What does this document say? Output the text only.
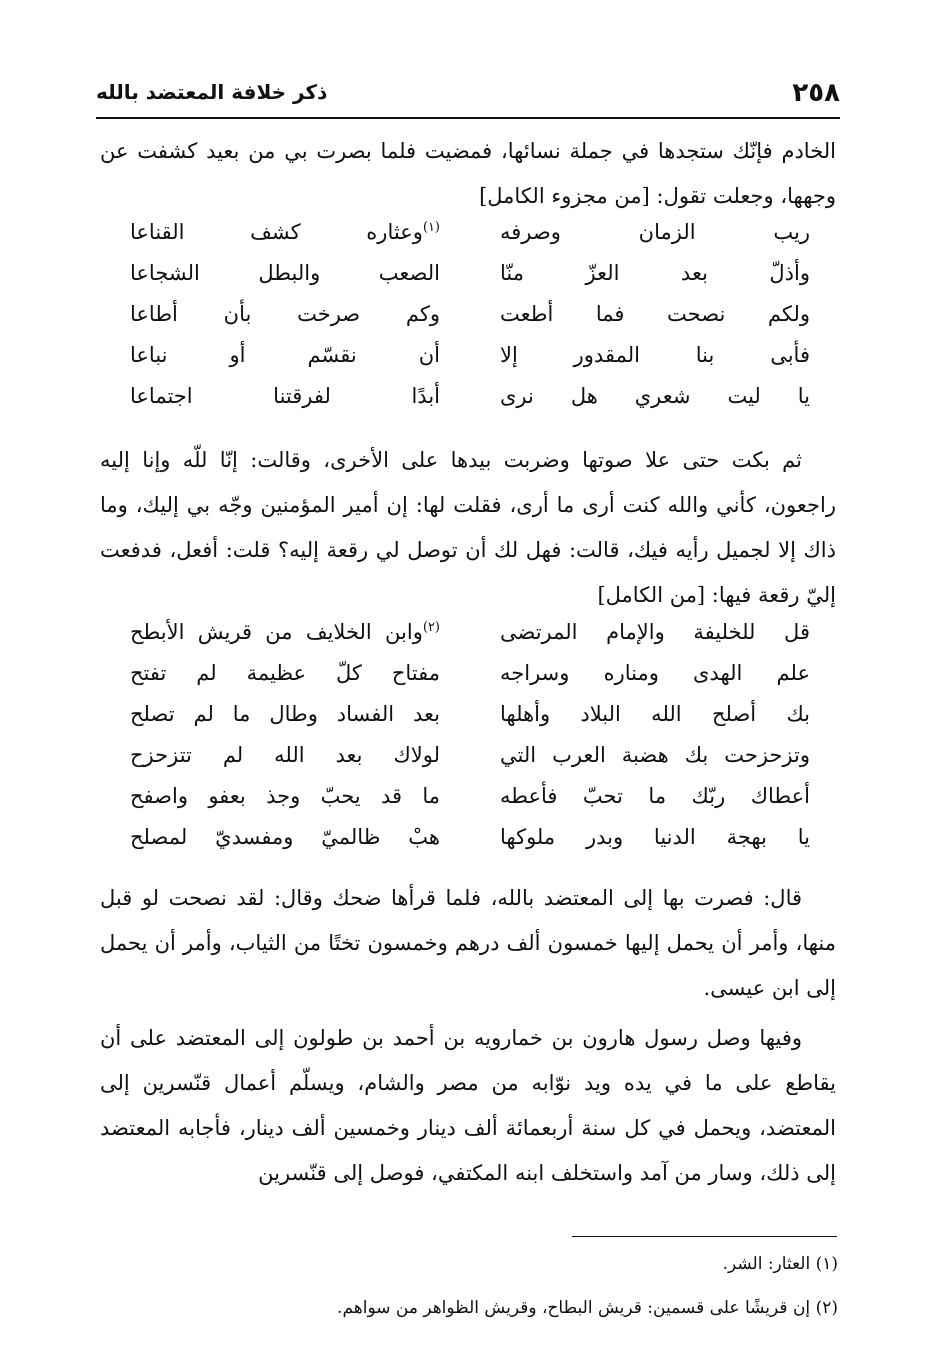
٢٥٨
ذكر خلافة المعتضد بالله

الخادم فإنّك ستجدها في جملة نسائها، فمضيت فلما بصرت بي من بعيد كشفت عن وجهها، وجعلت تقول: [من مجزوء الكامل]

ريب الزمان وصرفه
$^{(١)}$وعثاره كشف القناعا
وأذلّ بعد العزّ منّا
الصعب والبطل الشجاعا
ولكم نصحت فما أطعت
وكم صرخت بأن أطاعا
فأبى بنا المقدور إلا
أن نقسّم أو نباعا
يا ليت شعري هل نرى
أبدًا لفرقتنا اجتماعا

ثم بكت حتى علا صوتها وضربت بيدها على الأخرى، وقالت: إنّا للّه وإنا إليه راجعون، كأني والله كنت أرى ما أرى، فقلت لها: إن أمير المؤمنين وجّه بي إليك، وما ذاك إلا لجميل رأيه فيك، قالت: فهل لك أن توصل لي رقعة إليه؟ قلت: أفعل، فدفعت إليّ رقعة فيها: [من الكامل]

قل للخليفة والإمام المرتضى
$^{(٢)}$وابن الخلايف من قريش الأبطح
علم الهدى ومناره وسراجه
مفتاح كلّ عظيمة لم تفتح
بك أصلح الله البلاد وأهلها
بعد الفساد وطال ما لم تصلح
وتزحزحت بك هضبة العرب التي
لولاك بعد الله لم تتزحزح
أعطاك ربّك ما تحبّ فأعطه
ما قد يحبّ وجذ بعفو واصفح
يا بهجة الدنيا وبدر ملوكها
هبْ ظالميّ ومفسديّ لمصلح

قال: فصرت بها إلى المعتضد بالله، فلما قرأها ضحك وقال: لقد نصحت لو قبل منها، وأمر أن يحمل إليها خمسون ألف درهم وخمسون تختًا من الثياب، وأمر أن يحمل إلى ابن عيسى.

وفيها وصل رسول هارون بن خمارويه بن أحمد بن طولون إلى المعتضد على أن يقاطع على ما في يده ويد نوّابه من مصر والشام، ويسلّم أعمال قنّسرين إلى المعتضد، ويحمل في كل سنة أربعمائة ألف دينار وخمسين ألف دينار، فأجابه المعتضد إلى ذلك، وسار من آمد واستخلف ابنه المكتفي، فوصل إلى قنّسرين

(١) العثار: الشر.
(٢) إن قريشًا على قسمين: قريش البطاح، وقريش الظواهر من سواهم.
